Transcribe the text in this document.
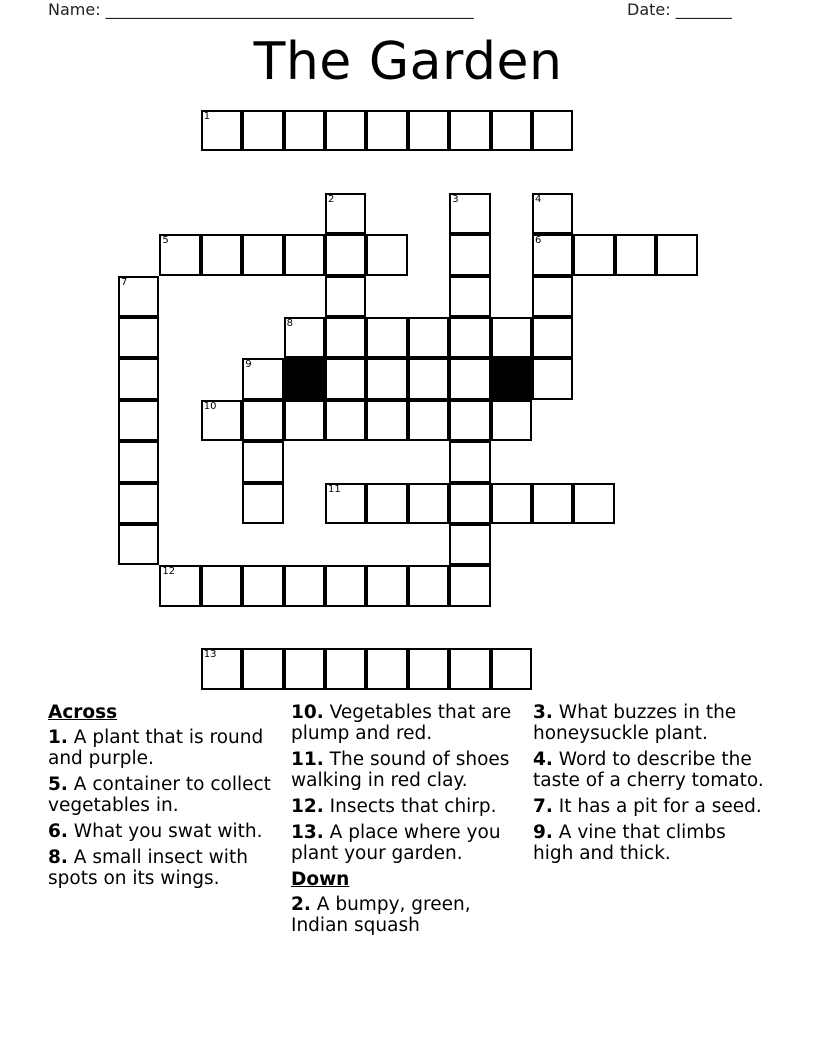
Name: ______________________________________________	Date: _______
The Garden
1
5	6
8
10
11
12
13
2	3	4
7
9
Across
1. A plant that is round and purple.
5. A container to collect vegetables in.
6. What you swat with.
8. A small insect with spots on its wings.
10. Vegetables that are plump and red.
11. The sound of shoes walking in red clay.
12. Insects that chirp.
13. A place where you plant your garden.
Down
2. A bumpy, green, Indian squash
3. What buzzes in the honeysuckle plant.
4. Word to describe the taste of a cherry tomato.
7. It has a pit for a seed.
9. A vine that climbs high and thick.
